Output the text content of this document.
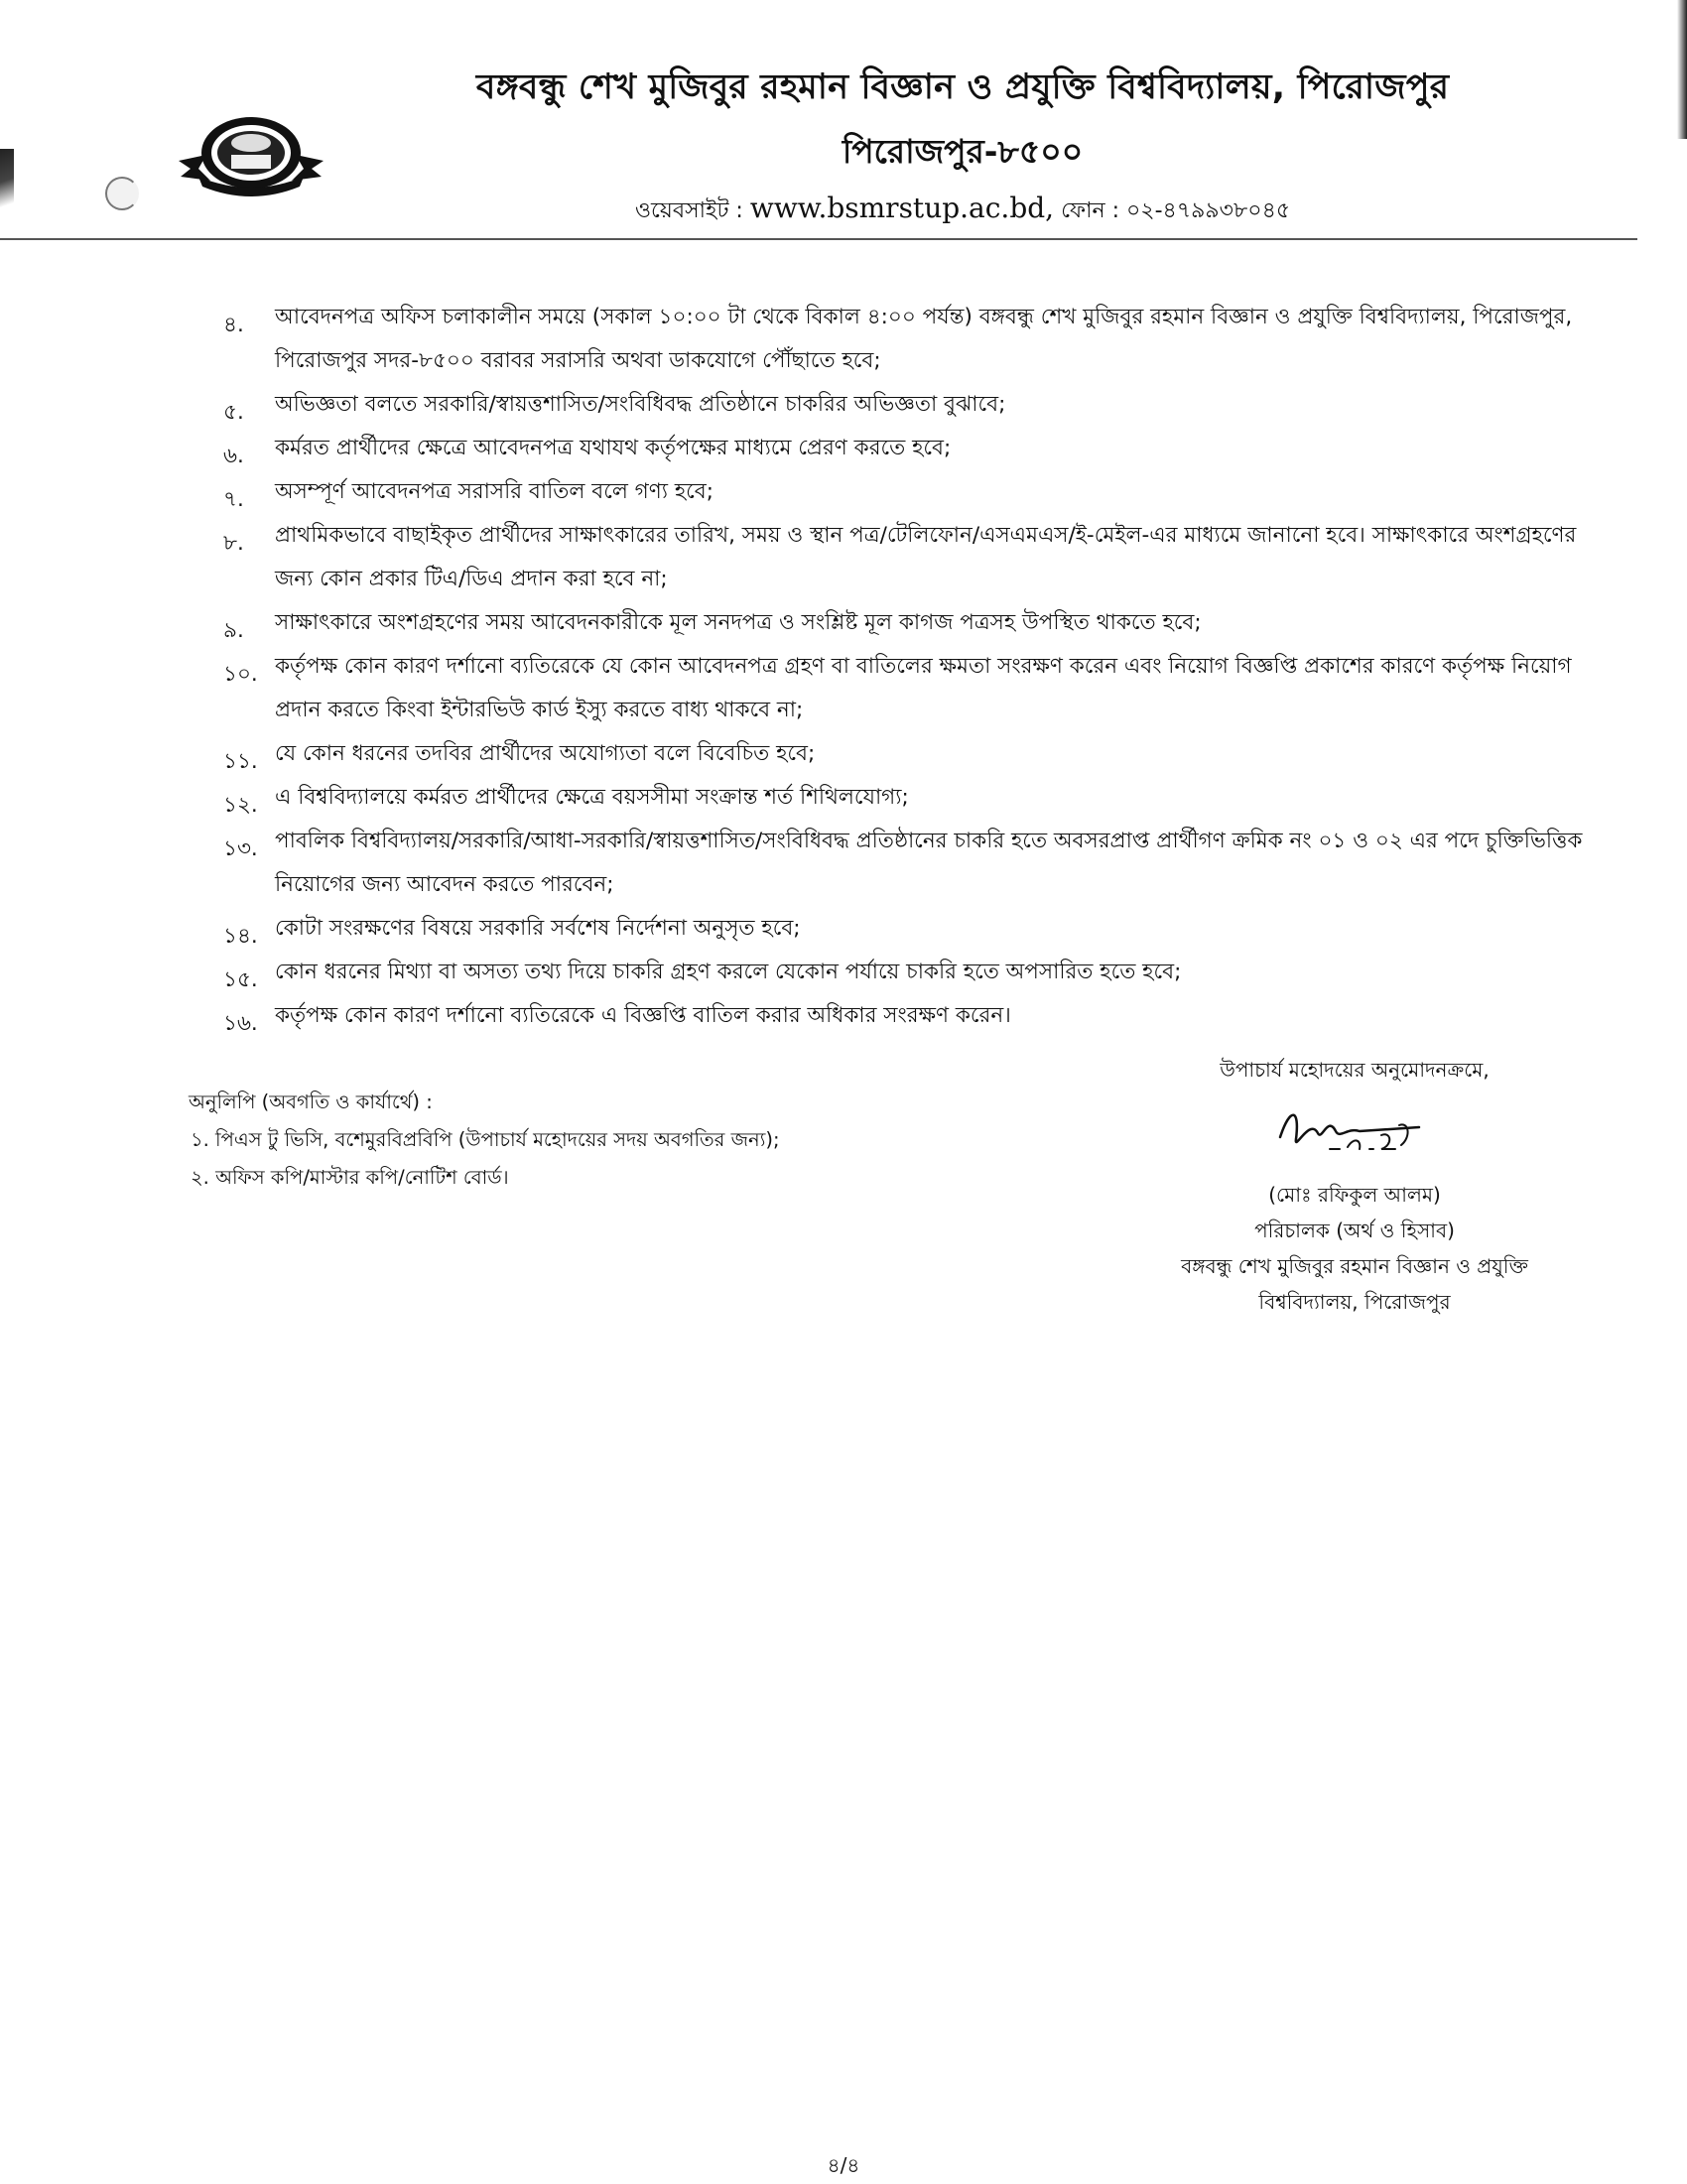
বঙ্গবন্ধু শেখ মুজিবুর রহমান বিজ্ঞান ও প্রযুক্তি বিশ্ববিদ্যালয়, পিরোজপুর
পিরোজপুর-৮৫০০
ওয়েবসাইট : www.bsmrstup.ac.bd, ফোন : ০২-৪৭৯৯৩৮০৪৫
৪. আবেদনপত্র অফিস চলাকালীন সময়ে (সকাল ১০:০০ টা থেকে বিকাল ৪:০০ পর্যন্ত) বঙ্গবন্ধু শেখ মুজিবুর রহমান বিজ্ঞান ও প্রযুক্তি বিশ্ববিদ্যালয়, পিরোজপুর, পিরোজপুর সদর-৮৫০০ বরাবর সরাসরি অথবা ডাকযোগে পৌঁছাতে হবে;
৫. অভিজ্ঞতা বলতে সরকারি/স্বায়ত্তশাসিত/সংবিধিবদ্ধ প্রতিষ্ঠানে চাকরির অভিজ্ঞতা বুঝাবে;
৬. কর্মরত প্রার্থীদের ক্ষেত্রে আবেদনপত্র যথাযথ কর্তৃপক্ষের মাধ্যমে প্রেরণ করতে হবে;
৭. অসম্পূর্ণ আবেদনপত্র সরাসরি বাতিল বলে গণ্য হবে;
৮. প্রাথমিকভাবে বাছাইকৃত প্রার্থীদের সাক্ষাৎকারের তারিখ, সময় ও স্থান পত্র/টেলিফোন/এসএমএস/ই-মেইল-এর মাধ্যমে জানানো হবে। সাক্ষাৎকারে অংশগ্রহণের জন্য কোন প্রকার টিএ/ডিএ প্রদান করা হবে না;
৯. সাক্ষাৎকারে অংশগ্রহণের সময় আবেদনকারীকে মূল সনদপত্র ও সংশ্লিষ্ট মূল কাগজ পত্রসহ উপস্থিত থাকতে হবে;
১০. কর্তৃপক্ষ কোন কারণ দর্শানো ব্যতিরেকে যে কোন আবেদনপত্র গ্রহণ বা বাতিলের ক্ষমতা সংরক্ষণ করেন এবং নিয়োগ বিজ্ঞপ্তি প্রকাশের কারণে কর্তৃপক্ষ নিয়োগ প্রদান করতে কিংবা ইন্টারভিউ কার্ড ইস্যু করতে বাধ্য থাকবে না;
১১. যে কোন ধরনের তদবির প্রার্থীদের অযোগ্যতা বলে বিবেচিত হবে;
১২. এ বিশ্ববিদ্যালয়ে কর্মরত প্রার্থীদের ক্ষেত্রে বয়সসীমা সংক্রান্ত শর্ত শিথিলযোগ্য;
১৩. পাবলিক বিশ্ববিদ্যালয়/সরকারি/আধা-সরকারি/স্বায়ত্তশাসিত/সংবিধিবদ্ধ প্রতিষ্ঠানের চাকরি হতে অবসরপ্রাপ্ত প্রার্থীগণ ক্রমিক নং ০১ ও ০২ এর পদে চুক্তিভিত্তিক নিয়োগের জন্য আবেদন করতে পারবেন;
১৪. কোটা সংরক্ষণের বিষয়ে সরকারি সর্বশেষ নির্দেশনা অনুসৃত হবে;
১৫. কোন ধরনের মিথ্যা বা অসত্য তথ্য দিয়ে চাকরি গ্রহণ করলে যেকোন পর্যায়ে চাকরি হতে অপসারিত হতে হবে;
১৬. কর্তৃপক্ষ কোন কারণ দর্শানো ব্যতিরেকে এ বিজ্ঞপ্তি বাতিল করার অধিকার সংরক্ষণ করেন।
অনুলিপি (অবগতি ও কার্যার্থে) :
১. পিএস টু ভিসি, বশেমুরবিপ্রবিপি (উপাচার্য মহোদয়ের সদয় অবগতির জন্য);
২. অফিস কপি/মাস্টার কপি/নোটিশ বোর্ড।
উপাচার্য মহোদয়ের অনুমোদনক্রমে,
(মোঃ রফিকুল আলম)
পরিচালক (অর্থ ও হিসাব)
বঙ্গবন্ধু শেখ মুজিবুর রহমান বিজ্ঞান ও প্রযুক্তি
বিশ্ববিদ্যালয়, পিরোজপুর
৪/৪
